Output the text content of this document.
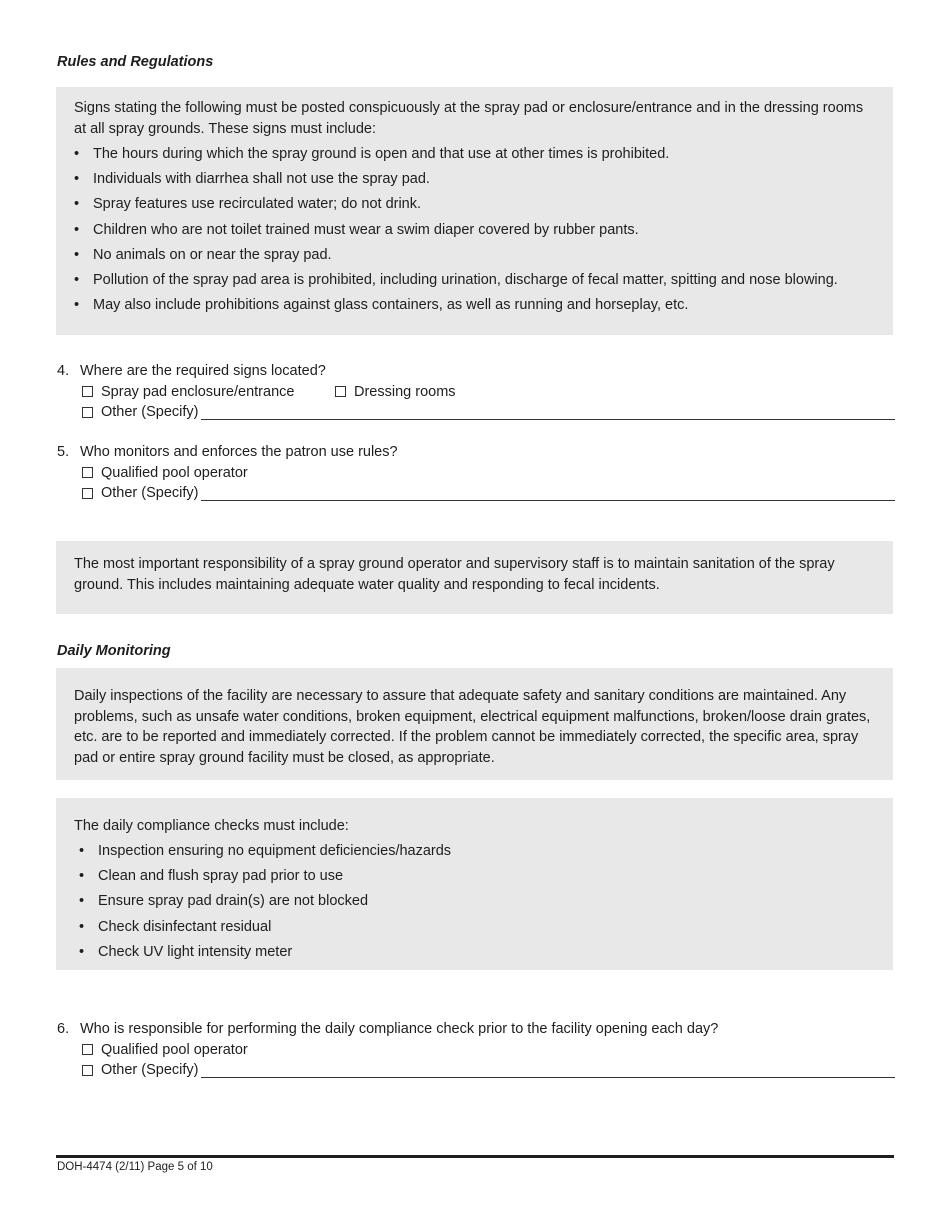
Rules and Regulations

Signs stating the following must be posted conspicuously at the spray pad or enclosure/entrance and in the dressing rooms at all spray grounds. These signs must include:

• The hours during which the spray ground is open and that use at other times is prohibited.
• Individuals with diarrhea shall not use the spray pad.
• Spray features use recirculated water; do not drink.
• Children who are not toilet trained must wear a swim diaper covered by rubber pants.
• No animals on or near the spray pad.
• Pollution of the spray pad area is prohibited, including urination, discharge of fecal matter, spitting and nose blowing.
• May also include prohibitions against glass containers, as well as running and horseplay, etc.
4. Where are the required signs located?
Spray pad enclosure/entrance	Dressing rooms
Other (Specify)
5. Who monitors and enforces the patron use rules?
Qualified pool operator
Other (Specify)

The most important responsibility of a spray ground operator and supervisory staff is to maintain sanitation of the spray ground. This includes maintaining adequate water quality and responding to fecal incidents.

Daily Monitoring

Daily inspections of the facility are necessary to assure that adequate safety and sanitary conditions are maintained. Any problems, such as unsafe water conditions, broken equipment, electrical equipment malfunctions, broken/loose drain grates, etc. are to be reported and immediately corrected. If the problem cannot be immediately corrected, the specific area, spray pad or entire spray ground facility must be closed, as appropriate.

The daily compliance checks must include:

• Inspection ensuring no equipment deficiencies/hazards
• Clean and flush spray pad prior to use
• Ensure spray pad drain(s) are not blocked
• Check disinfectant residual
• Check UV light intensity meter
6. Who is responsible for performing the daily compliance check prior to the facility opening each day?
Qualified pool operator
Other (Specify)
DOH-4474 (2/11) Page 5 of 10
